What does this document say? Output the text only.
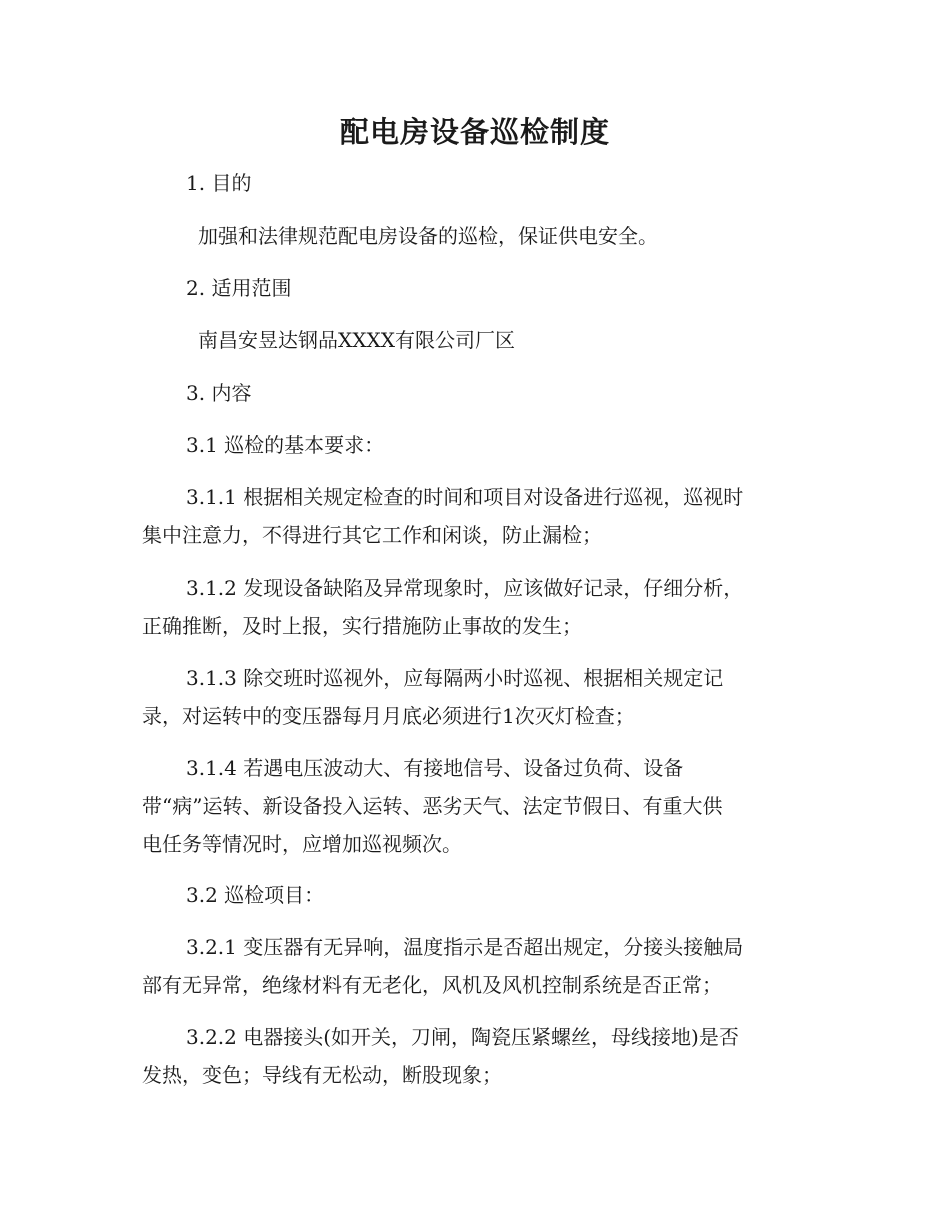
配电房设备巡检制度

1. 目的

加强和法律规范配电房设备的巡检，保证供电安全。

2. 适用范围

南昌安昱达钢品XXXX有限公司厂区

3. 内容

3.1 巡检的基本要求：

3.1.1 根据相关规定检查的时间和项目对设备进行巡视，巡视时
集中注意力，不得进行其它工作和闲谈，防止漏检；
3.1.2 发现设备缺陷及异常现象时，应该做好记录，仔细分析，
正确推断，及时上报，实行措施防止事故的发生；
3.1.3 除交班时巡视外，应每隔两小时巡视、根据相关规定记
录，对运转中的变压器每月月底必须进行1次灭灯检查；
3.1.4 若遇电压波动大、有接地信号、设备过负荷、设备
带“病”运转、新设备投入运转、恶劣天气、法定节假日、有重大供
电任务等情况时，应增加巡视频次。

3.2 巡检项目：

3.2.1 变压器有无异响，温度指示是否超出规定，分接头接触局
部有无异常，绝缘材料有无老化，风机及风机控制系统是否正常；
3.2.2 电器接头(如开关，刀闸，陶瓷压紧螺丝，母线接地)是否
发热，变色；导线有无松动，断股现象；
